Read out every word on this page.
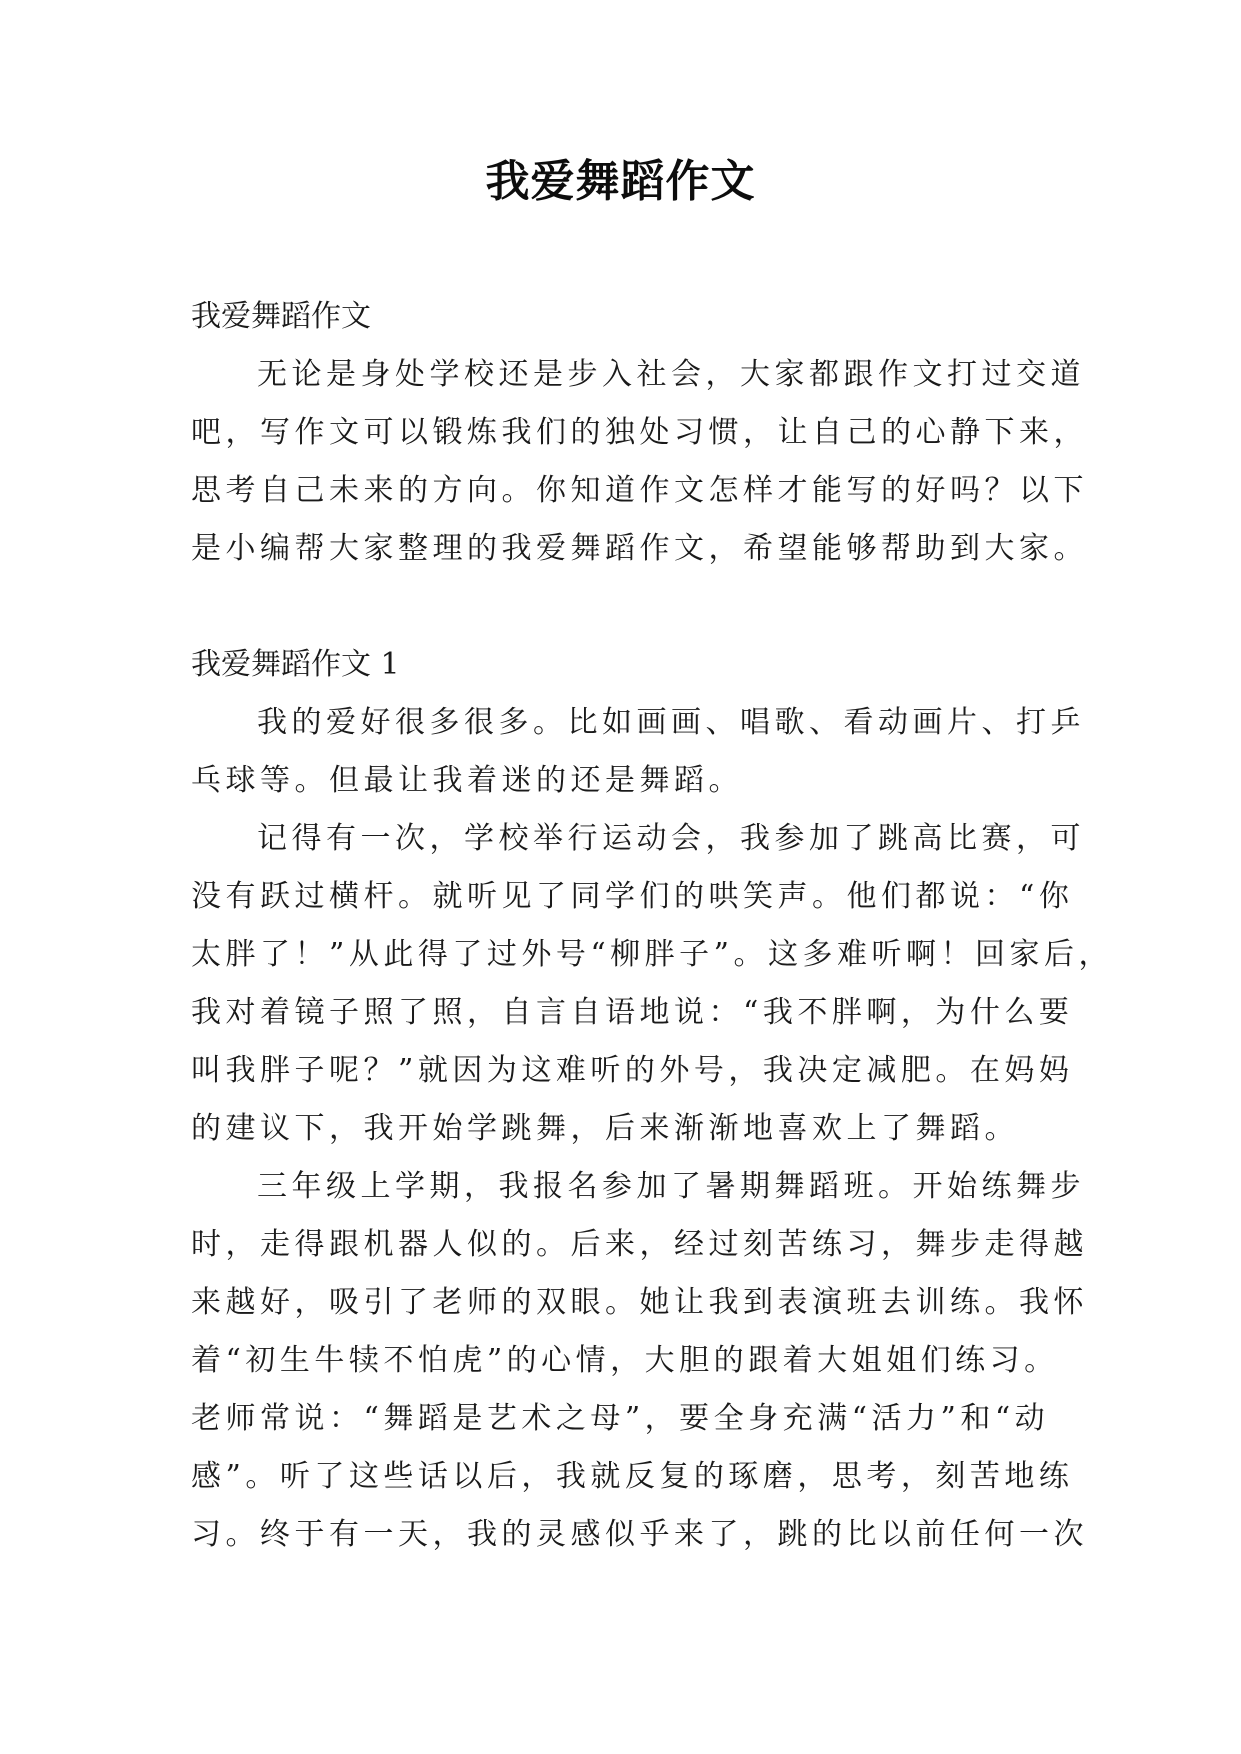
我爱舞蹈作文
我爱舞蹈作文

无论是身处学校还是步入社会，大家都跟作文打过交道
吧，写作文可以锻炼我们的独处习惯，让自己的心静下来，
思考自己未来的方向。你知道作文怎样才能写的好吗？以下
是小编帮大家整理的我爱舞蹈作文，希望能够帮助到大家。

我爱舞蹈作文 1

我的爱好很多很多。比如画画、唱歌、看动画片、打乒
乓球等。但最让我着迷的还是舞蹈。

记得有一次，学校举行运动会，我参加了跳高比赛，可
没有跃过横杆。就听见了同学们的哄笑声。他们都说：“你
太胖了！”从此得了过外号“柳胖子”。这多难听啊！回家后，
我对着镜子照了照，自言自语地说：“我不胖啊，为什么要
叫我胖子呢？”就因为这难听的外号，我决定减肥。在妈妈
的建议下，我开始学跳舞，后来渐渐地喜欢上了舞蹈。

三年级上学期，我报名参加了暑期舞蹈班。开始练舞步
时，走得跟机器人似的。后来，经过刻苦练习，舞步走得越
来越好，吸引了老师的双眼。她让我到表演班去训练。我怀
着“初生牛犊不怕虎”的心情，大胆的跟着大姐姐们练习。
老师常说：“舞蹈是艺术之母”，要全身充满“活力”和“动
感”。听了这些话以后，我就反复的琢磨，思考，刻苦地练
习。终于有一天，我的灵感似乎来了，跳的比以前任何一次
